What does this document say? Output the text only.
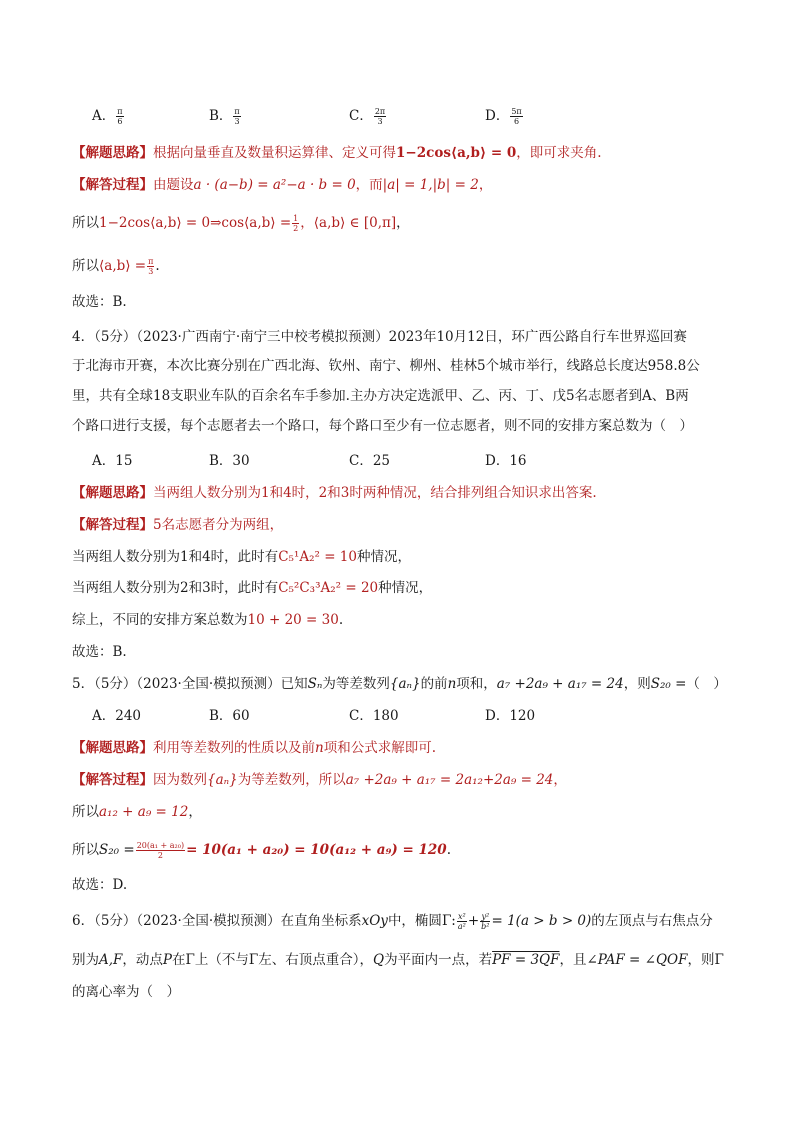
A． $\frac{\pi}{6}$	B． $\frac{\pi}{3}$	C． $\frac{2\pi}{3}$	D． $\frac{5\pi}{6}$
【解题思路】根据向量垂直及数量积运算律、定义可得1−2cos⟨a,b⟩ = 0，即可求夹角.
【解答过程】由题设a · (a−b) = a²−a · b = 0，而|a| = 1,|b| = 2，
所以1−2cos⟨a,b⟩ = 0⇒cos⟨a,b⟩ = $\frac{1}{2}$ ，⟨a,b⟩ ∈ [0,π]，
所以⟨a,b⟩ = $\frac{\pi}{3}$ .
故选：B.
4．（5分）（2023·广西南宁·南宁三中校考模拟预测）2023年10月12日，环广西公路自行车世界巡回赛
于北海市开赛，本次比赛分别在广西北海、钦州、南宁、柳州、桂林5个城市举行，线路总长度达958.8公
里，共有全球18支职业车队的百余名车手参加.主办方决定选派甲、乙、丙、丁、戊5名志愿者到A、B两
个路口进行支援，每个志愿者去一个路口，每个路口至少有一位志愿者，则不同的安排方案总数为（　）
A．15	B．30	C．25	D．16
【解题思路】当两组人数分别为1和4时，2和3时两种情况，结合排列组合知识求出答案.
【解答过程】5名志愿者分为两组，
当两组人数分别为1和4时，此时有C₅¹A₂² = 10种情况，
当两组人数分别为2和3时，此时有C₅²C₃³A₂² = 20种情况，
综上，不同的安排方案总数为10 + 20 = 30.
故选：B.
5．（5分）（2023·全国·模拟预测）已知Sₙ为等差数列{aₙ}的前n项和，a₇ +2a₉ + a₁₇ = 24，则S₂₀ =（　）
A．240	B．60	C．180	D．120
【解题思路】利用等差数列的性质以及前n项和公式求解即可.
【解答过程】因为数列{aₙ}为等差数列，所以a₇ +2a₉ + a₁₇ = 2a₁₂+2a₉ = 24，
所以a₁₂ + a₉ = 12，
所以$S_{20} = \frac{\text{20(a₁ + a₂₀)}}{2} = 10(a_1 + a_{20}) = 10(a_{12} + a_9) = 120$.
故选：D.
6．（5分）（2023·全国·模拟预测）在直角坐标系xOy中，椭圆Γ: $\frac{\text{x²}}{\text{a²}} + \frac{\text{y²}}{\text{b²}} = 1(a > b > 0)$的左顶点与右焦点分
别为A,F，动点P在Γ上（不与Γ左、右顶点重合），Q为平面内一点，若PF = 3QF，且∠PAF = ∠QOF，则Γ
的离心率为（　）
